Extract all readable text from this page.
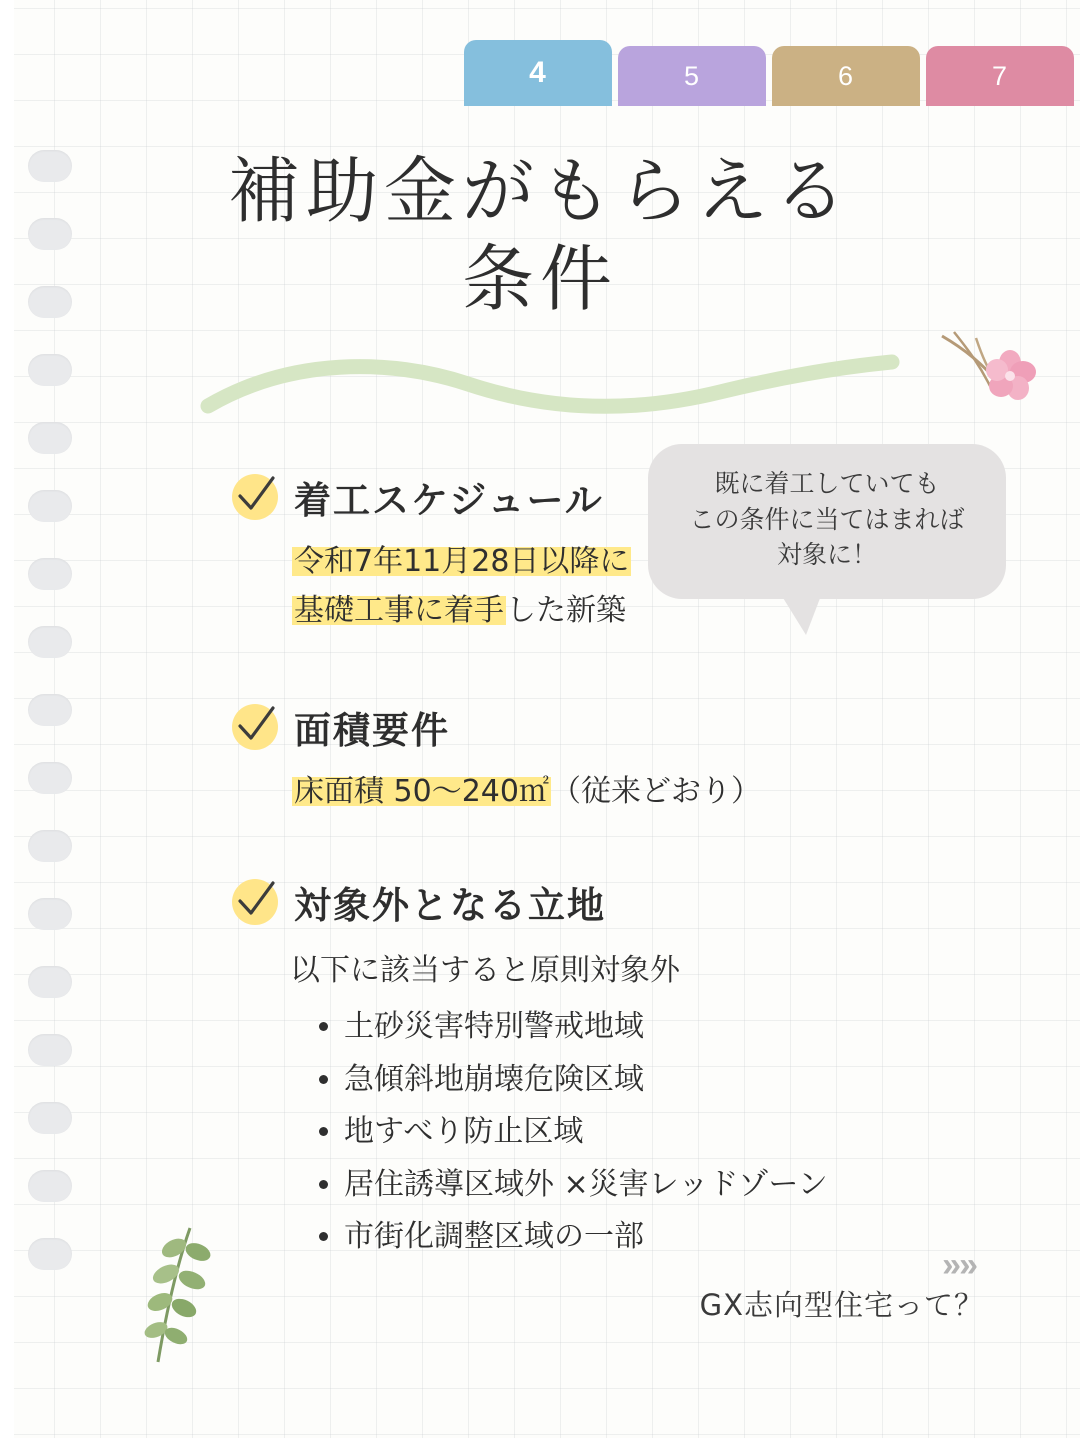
4	5	6	7
補助金がもらえる
条件
着工スケジュール
令和7年11月28日以降に
基礎工事に着手した新築
既に着工していても
この条件に当てはまれば
対象に！
面積要件
床面積 50〜240㎡（従来どおり）
対象外となる立地
以下に該当すると原則対象外
• 土砂災害特別警戒地域
• 急傾斜地崩壊危険区域
• 地すべり防止区域
• 居住誘導区域外 ×災害レッドゾーン
• 市街化調整区域の一部
»»
GX志向型住宅って？
